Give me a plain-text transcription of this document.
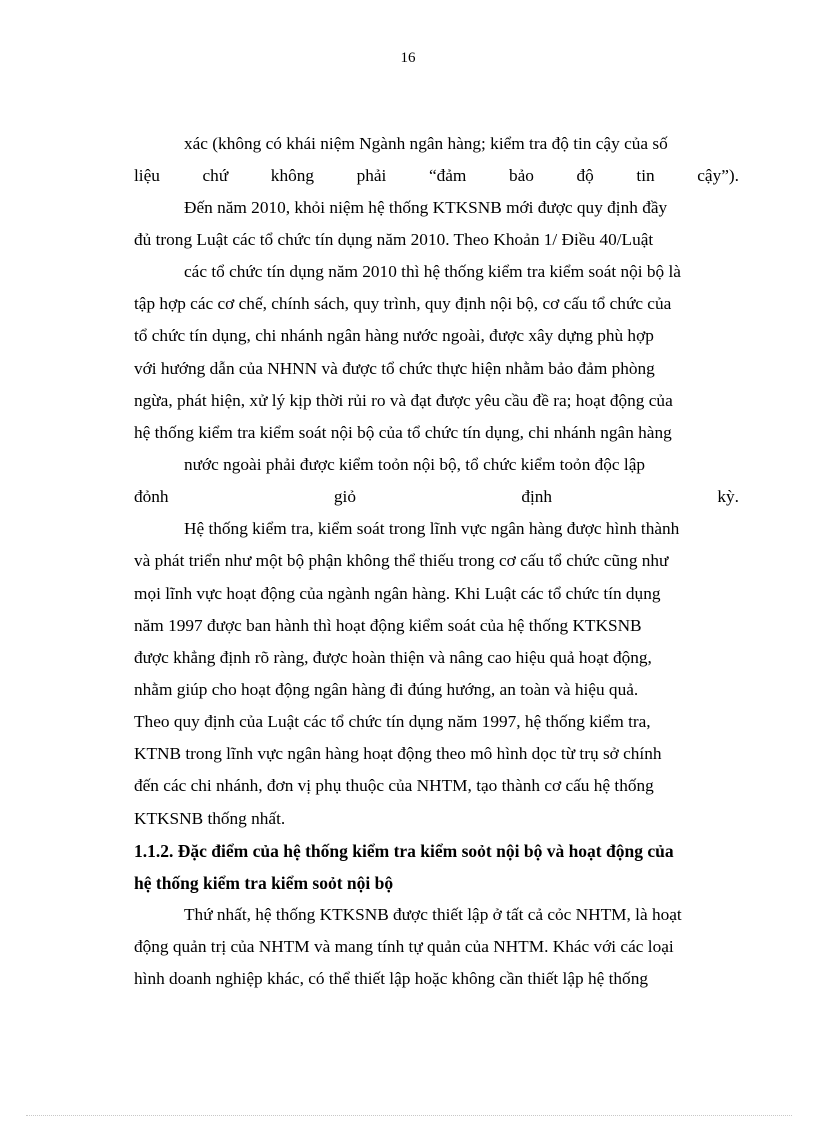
16
xác (không có khái niệm Ngành ngân hàng; kiểm tra độ tin cậy của số
liệu chứ không phải “đảm bảo độ tin cậy”).
Đến năm 2010, khỏi niệm hệ thống KTKSNB mới được quy định đầy
đủ trong Luật các tổ chức tín dụng năm 2010. Theo Khoản 1/ Điều 40/Luật
các tổ chức tín dụng năm 2010 thì hệ thống kiểm tra kiểm soát nội bộ là
tập hợp các cơ chế, chính sách, quy trình, quy định nội bộ, cơ cấu tổ chức của
tổ chức tín dụng, chi nhánh ngân hàng nước ngoài, được xây dựng phù hợp
với hướng dẫn của NHNN và được tổ chức thực hiện nhằm bảo đảm phòng
ngừa, phát hiện, xử lý kịp thời rủi ro và đạt được yêu cầu đề ra; hoạt động của
hệ thống kiểm tra kiểm soát nội bộ của tổ chức tín dụng, chi nhánh ngân hàng
nước ngoài phải được kiểm toỏn nội bộ, tổ chức kiểm toỏn độc lập
đỏnh	giỏ	định	kỳ.
Hệ thống kiểm tra, kiểm soát trong lĩnh vực ngân hàng được hình thành
và phát triển như một bộ phận không thể thiếu trong cơ cấu tổ chức cũng như
mọi lĩnh vực hoạt động của ngành ngân hàng. Khi Luật các tổ chức tín dụng
năm 1997 được ban hành thì hoạt động kiểm soát của hệ thống KTKSNB
được khẳng định rõ ràng, được hoàn thiện và nâng cao hiệu quả hoạt động,
nhằm giúp cho hoạt động ngân hàng đi đúng hướng, an toàn và hiệu quả.
Theo quy định của Luật các tổ chức tín dụng năm 1997, hệ thống kiểm tra,
KTNB trong lĩnh vực ngân hàng hoạt động theo mô hình dọc từ trụ sở chính
đến các chi nhánh, đơn vị phụ thuộc của NHTM, tạo thành cơ cấu hệ thống
KTKSNB thống nhất.
1.1.2. Đặc điểm của hệ thống kiểm tra kiểm soỏt nội bộ và hoạt động của
hệ thống kiểm tra kiểm soỏt nội bộ
Thứ nhất, hệ thống KTKSNB được thiết lập ở tất cả cỏc NHTM, là hoạt
động quản trị của NHTM và mang tính tự quản của NHTM. Khác với các loại
hình doanh nghiệp khác, có thể thiết lập hoặc không cần thiết lập hệ thống
